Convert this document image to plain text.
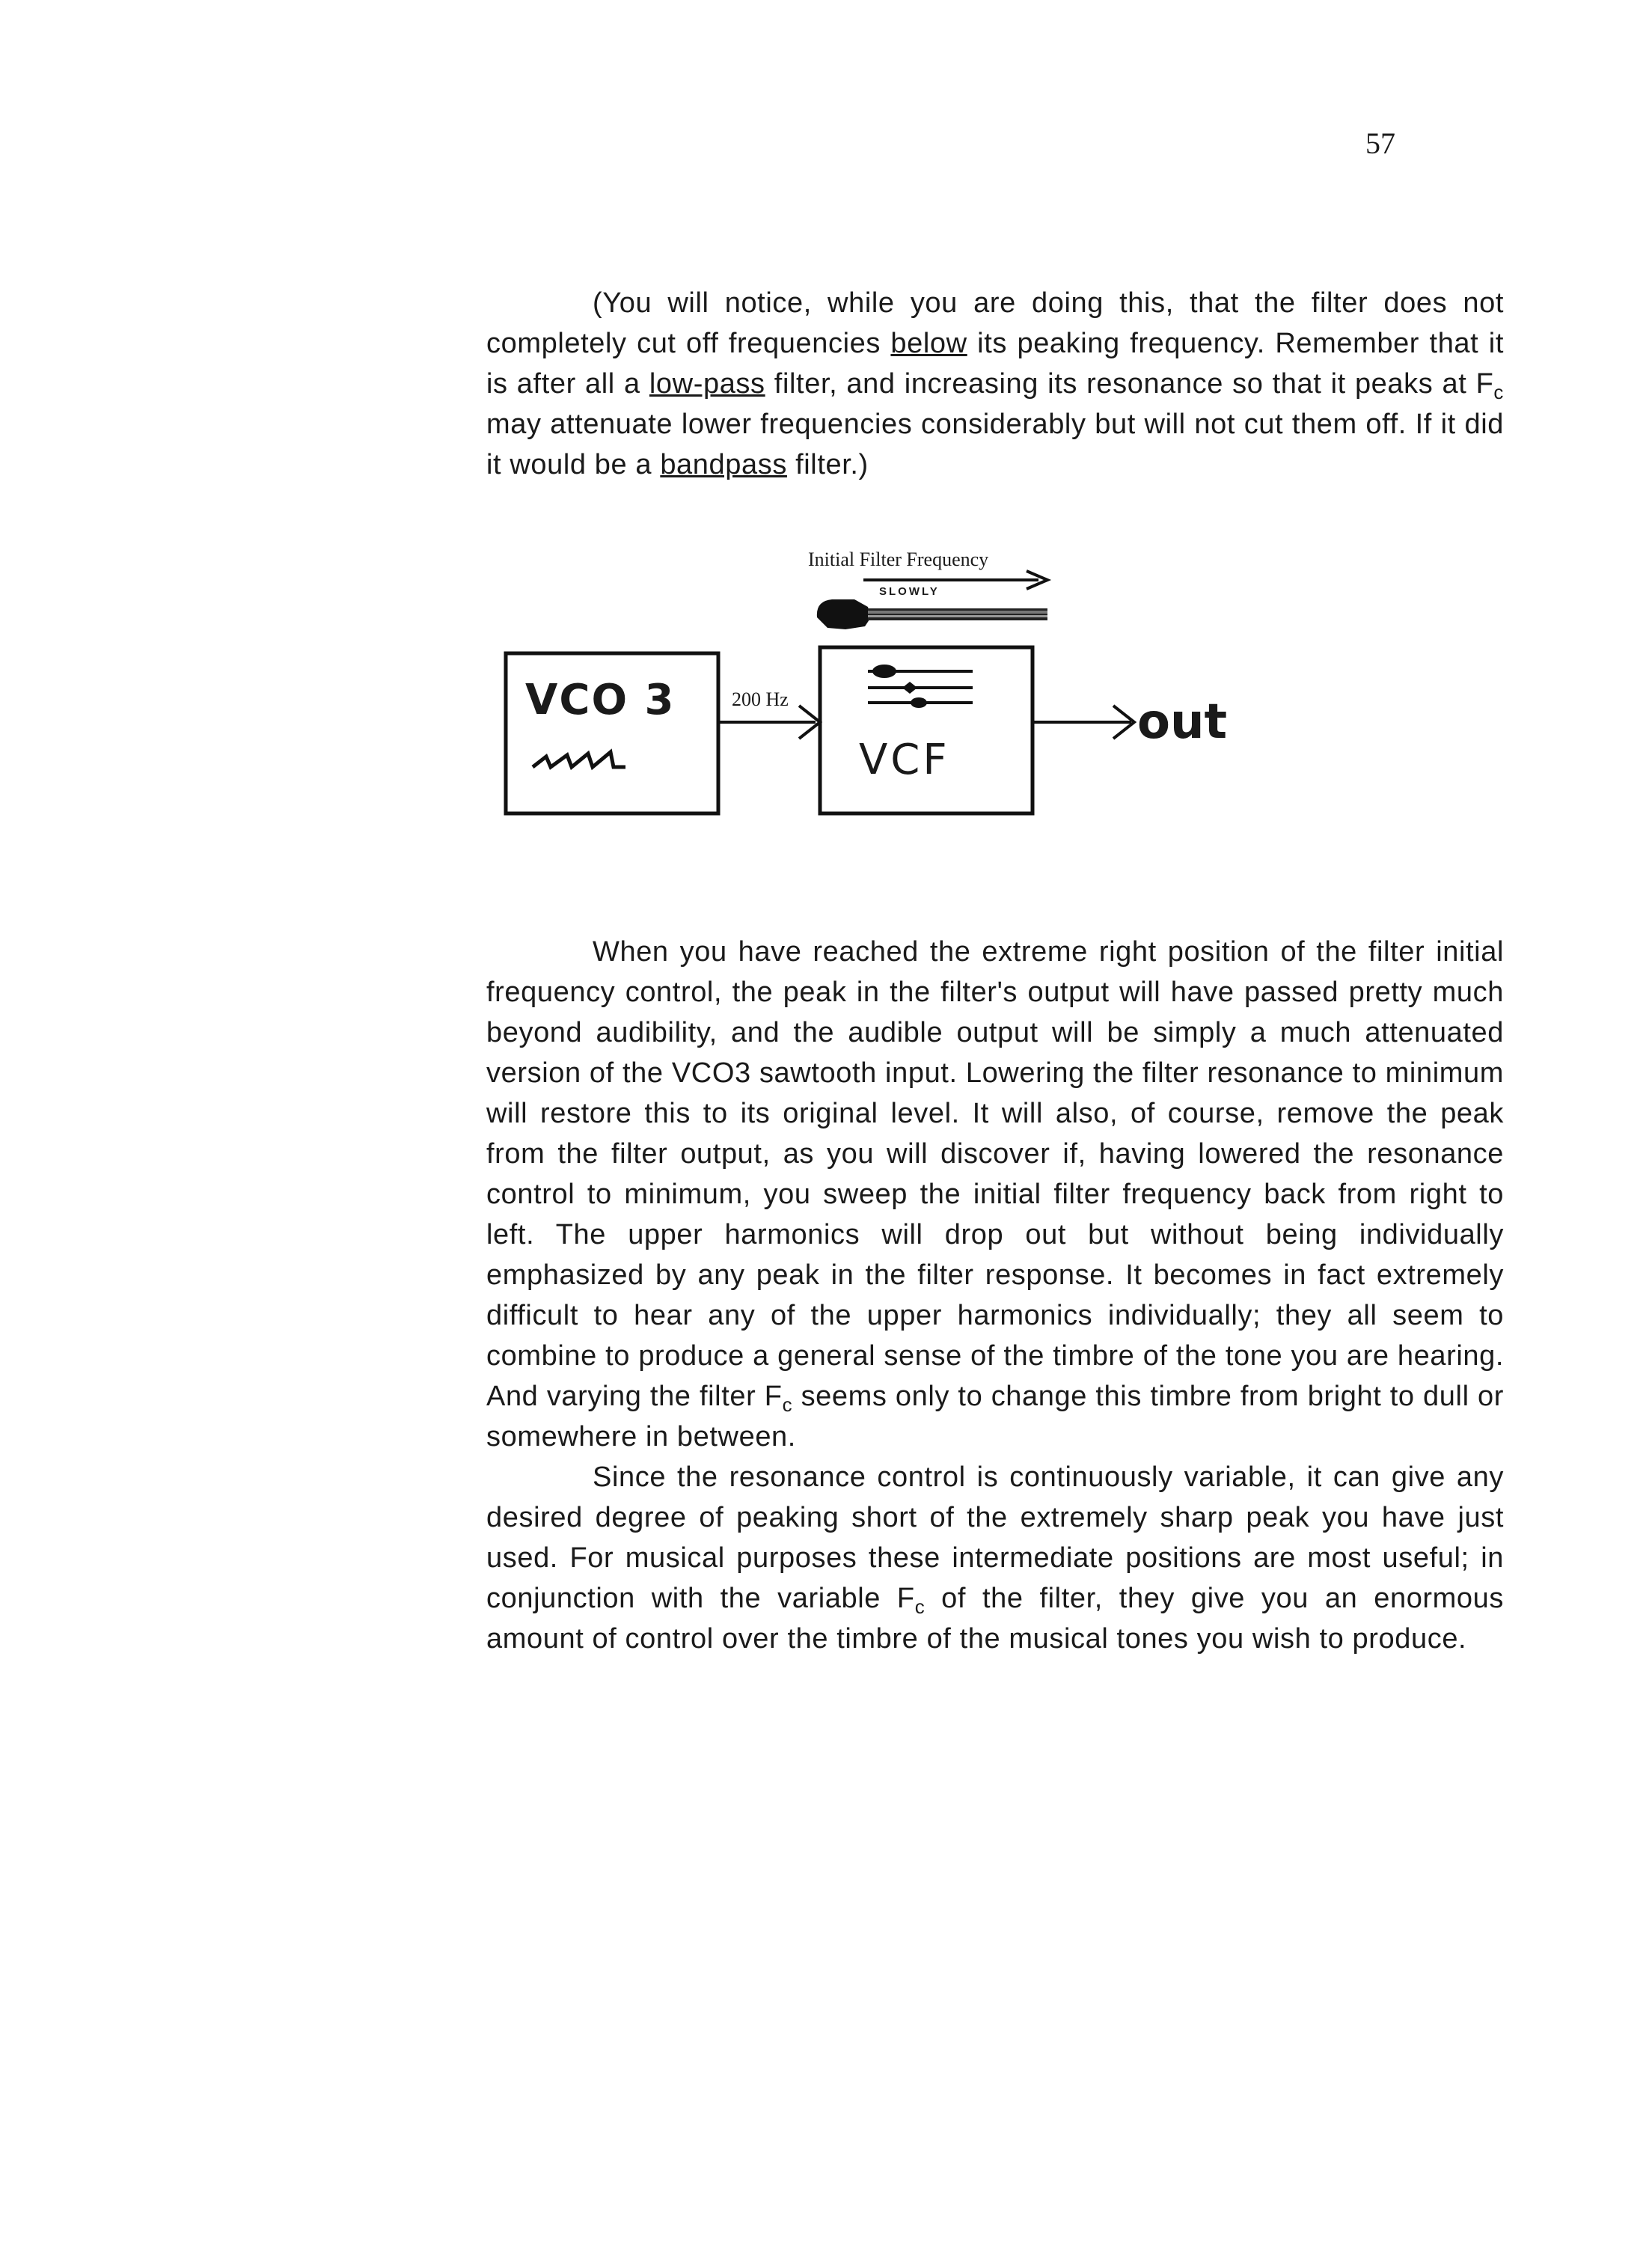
57

(You will notice, while you are doing this, that the filter does not completely cut off frequencies below its peaking frequency. Remember that it is after all a low-pass filter, and increasing its resonance so that it peaks at $F_c$ may attenuate lower frequencies considerably but will not cut them off. If it did it would be a bandpass filter.)

Initial Filter Frequency
SLOWLY
VCO 3	200 Hz
VCF
out

When you have reached the extreme right position of the filter initial frequency control, the peak in the filter's output will have passed pretty much beyond audibility, and the audible output will be simply a much attenuated version of the VCO3 sawtooth input. Lowering the filter resonance to minimum will restore this to its original level. It will also, of course, remove the peak from the filter output, as you will discover if, having lowered the resonance control to minimum, you sweep the initial filter frequency back from right to left. The upper harmonics will drop out but without being individually emphasized by any peak in the filter response. It becomes in fact extremely difficult to hear any of the upper harmonics individually; they all seem to combine to produce a general sense of the timbre of the tone you are hearing. And varying the filter $F_c$ seems only to change this timbre from bright to dull or somewhere in between.

Since the resonance control is continuously variable, it can give any desired degree of peaking short of the extremely sharp peak you have just used. For musical purposes these intermediate positions are most useful; in conjunction with the variable $F_c$ of the filter, they give you an enormous amount of control over the timbre of the musical tones you wish to produce.
